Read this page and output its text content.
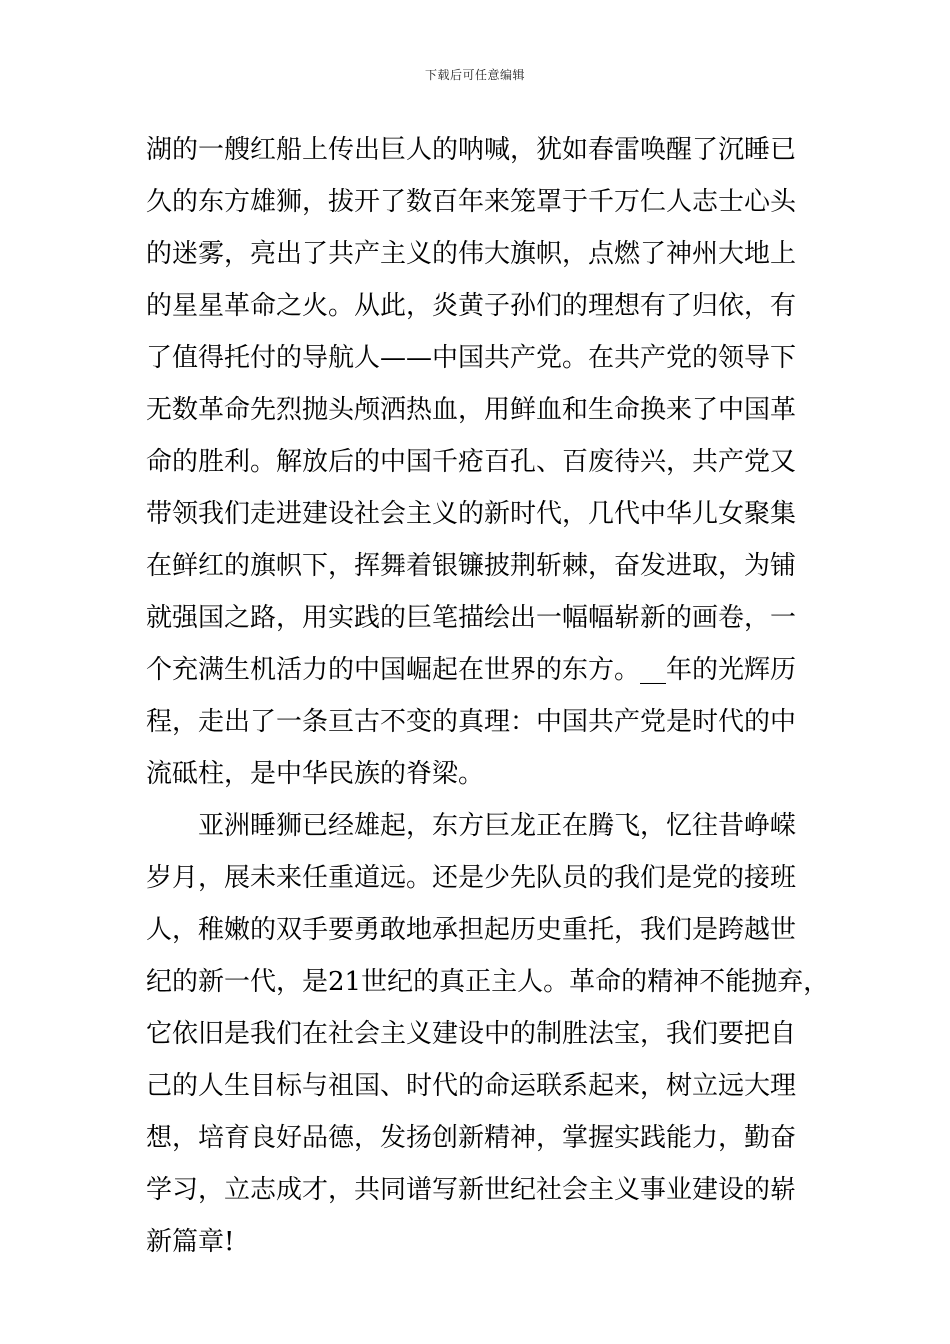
下载后可任意编辑
湖的一艘红船上传出巨人的呐喊，犹如春雷唤醒了沉睡已
久的东方雄狮，拔开了数百年来笼罩于千万仁人志士心头
的迷雾，亮出了共产主义的伟大旗帜，点燃了神州大地上
的星星革命之火。从此，炎黄子孙们的理想有了归依，有
了值得托付的导航人——中国共产党。在共产党的领导下
无数革命先烈抛头颅洒热血，用鲜血和生命换来了中国革
命的胜利。解放后的中国千疮百孔、百废待兴，共产党又
带领我们走进建设社会主义的新时代，几代中华儿女聚集
在鲜红的旗帜下，挥舞着银镰披荆斩棘，奋发进取，为铺
就强国之路，用实践的巨笔描绘出一幅幅崭新的画卷，一
个充满生机活力的中国崛起在世界的东方。__年的光辉历
程，走出了一条亘古不变的真理：中国共产党是时代的中
流砥柱，是中华民族的脊梁。
亚洲睡狮已经雄起，东方巨龙正在腾飞，忆往昔峥嵘
岁月，展未来任重道远。还是少先队员的我们是党的接班
人，稚嫩的双手要勇敢地承担起历史重托，我们是跨越世
纪的新一代，是21世纪的真正主人。革命的精神不能抛弃，
它依旧是我们在社会主义建设中的制胜法宝，我们要把自
己的人生目标与祖国、时代的命运联系起来，树立远大理
想，培育良好品德，发扬创新精神，掌握实践能力，勤奋
学习，立志成才，共同谱写新世纪社会主义事业建设的崭
新篇章!
